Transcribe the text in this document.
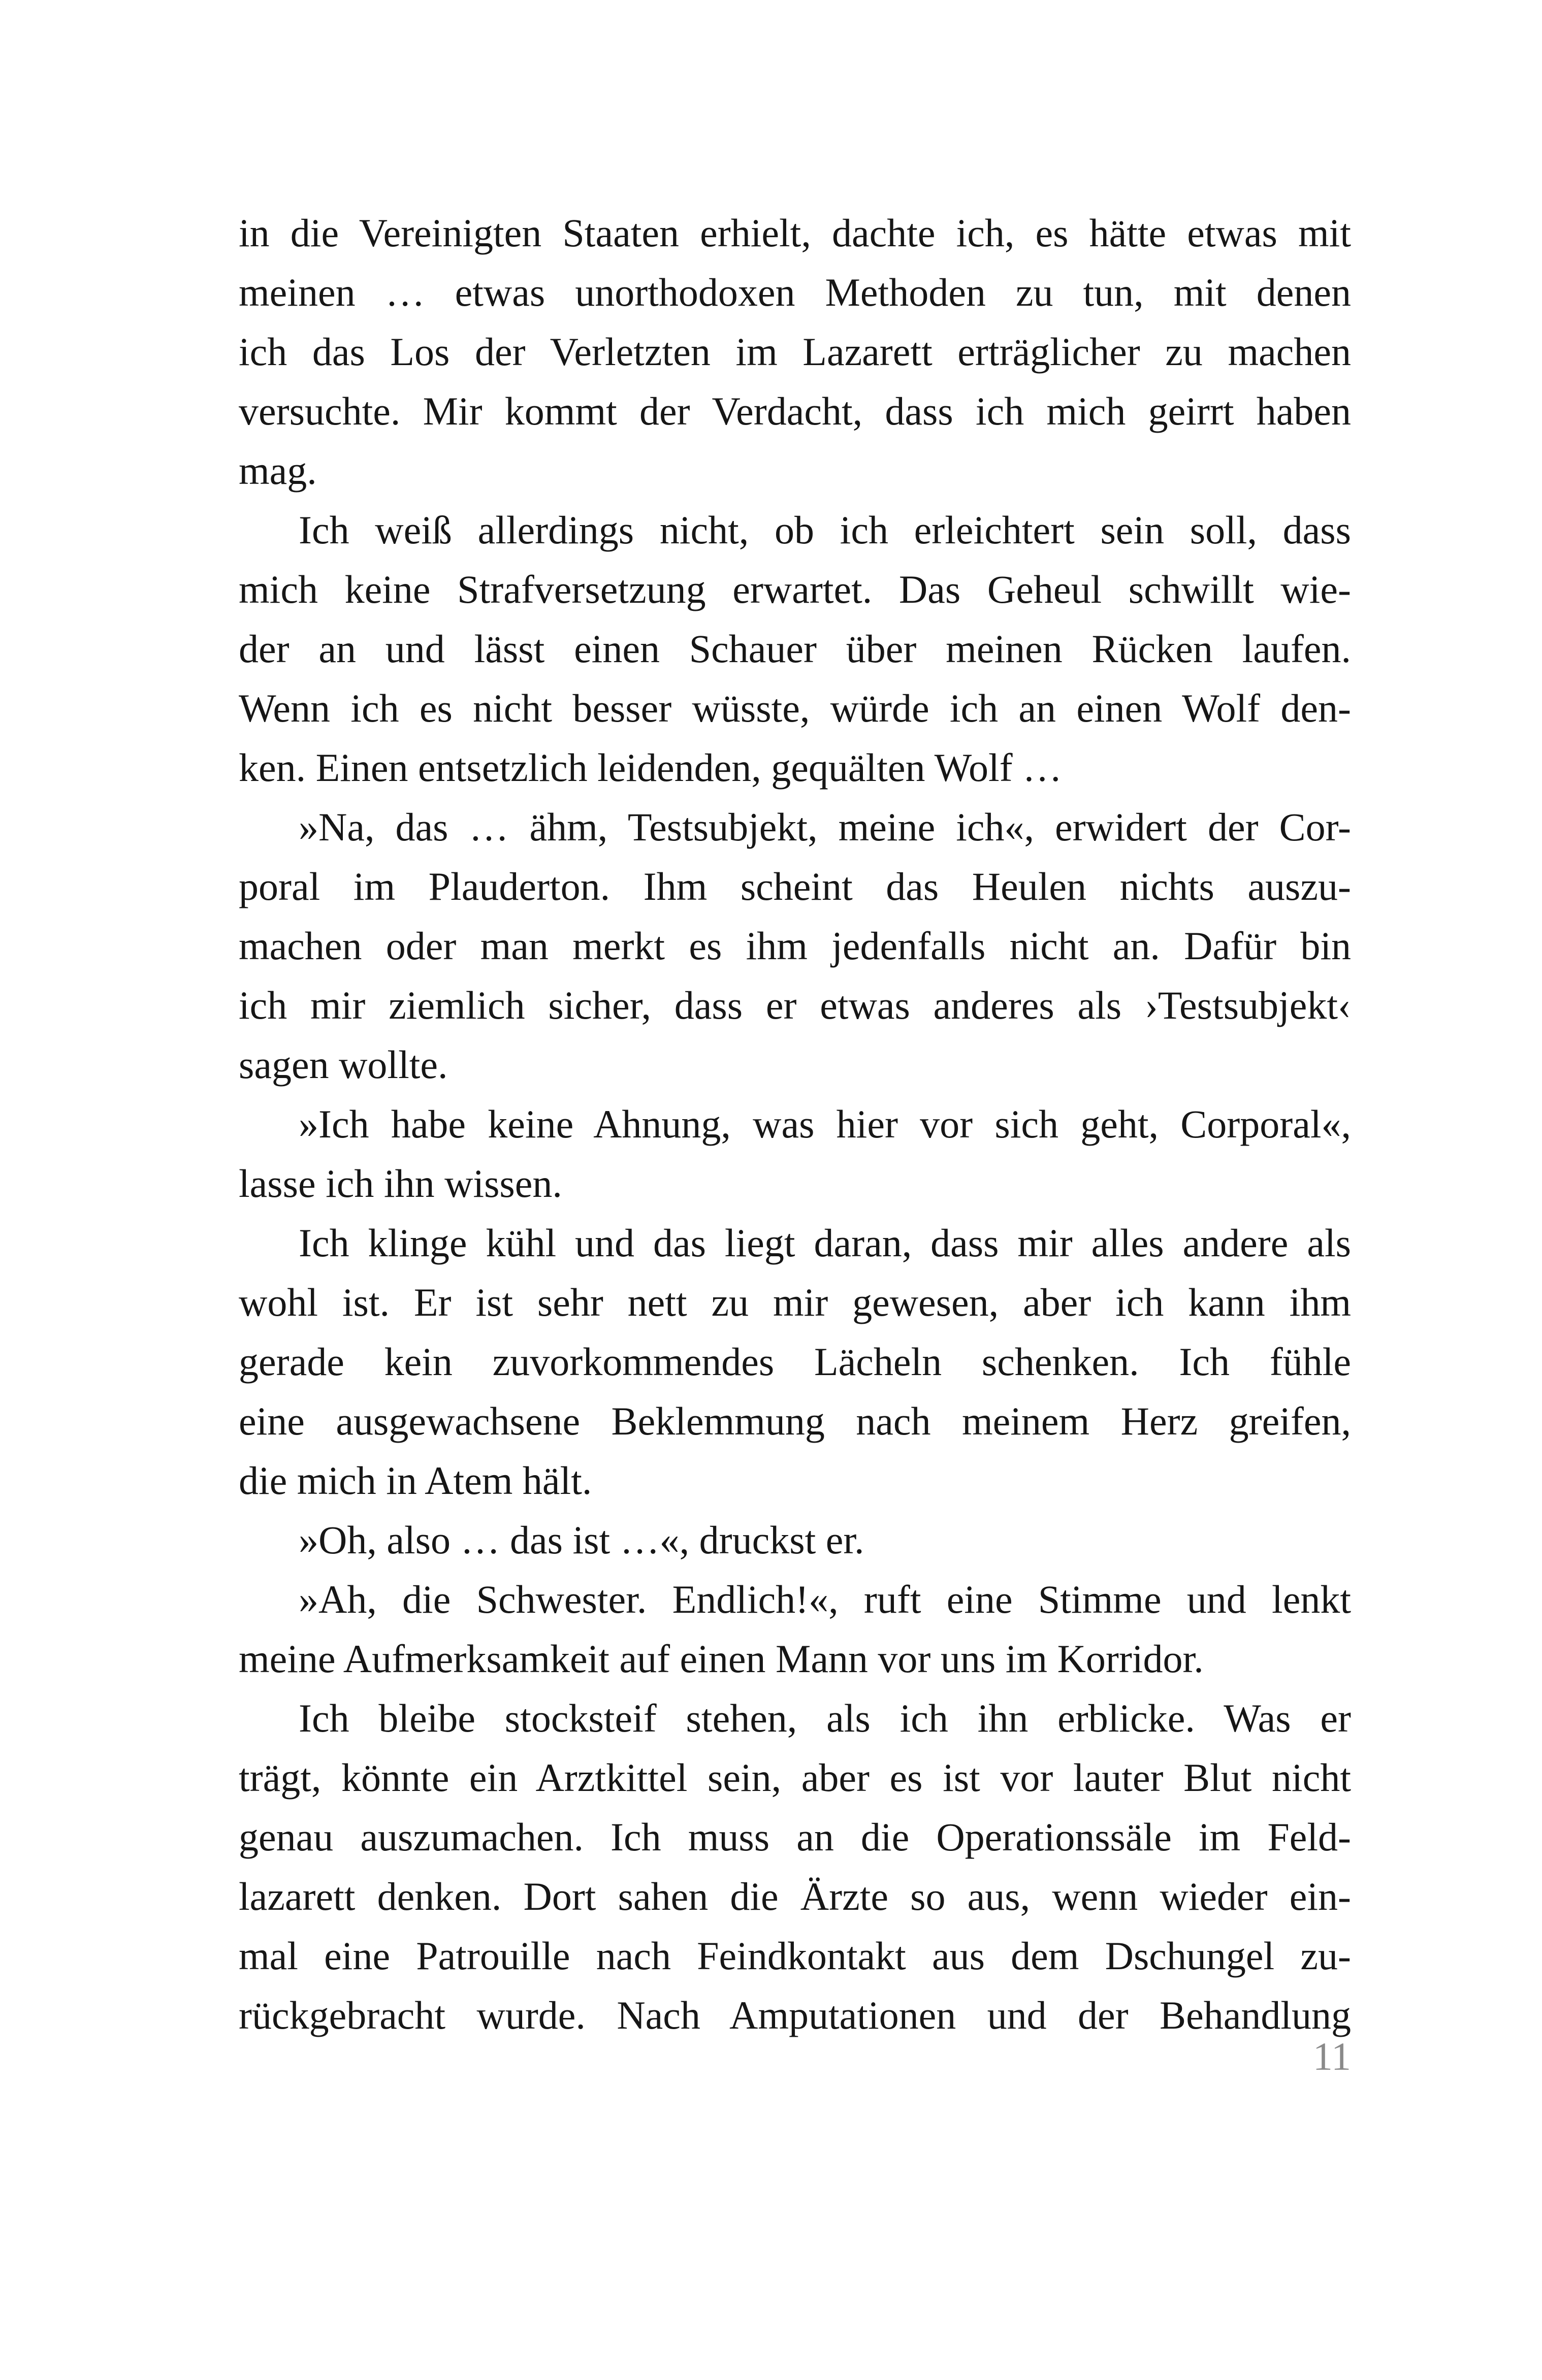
in die Vereinigten Staaten erhielt, dachte ich, es hätte etwas mit
meinen … etwas unorthodoxen Methoden zu tun, mit denen
ich das Los der Verletzten im Lazarett erträglicher zu machen
versuchte. Mir kommt der Verdacht, dass ich mich geirrt haben
mag.
Ich weiß allerdings nicht, ob ich erleichtert sein soll, dass
mich keine Strafversetzung erwartet. Das Geheul schwillt wie-
der an und lässt einen Schauer über meinen Rücken laufen.
Wenn ich es nicht besser wüsste, würde ich an einen Wolf den-
ken. Einen entsetzlich leidenden, gequälten Wolf …
»Na, das … ähm, Testsubjekt, meine ich«, erwidert der Cor-
poral im Plauderton. Ihm scheint das Heulen nichts auszu-
machen oder man merkt es ihm jedenfalls nicht an. Dafür bin
ich mir ziemlich sicher, dass er etwas anderes als ›Testsubjekt‹
sagen wollte.
»Ich habe keine Ahnung, was hier vor sich geht, Corporal«,
lasse ich ihn wissen.
Ich klinge kühl und das liegt daran, dass mir alles andere als
wohl ist. Er ist sehr nett zu mir gewesen, aber ich kann ihm
gerade kein zuvorkommendes Lächeln schenken. Ich fühle
eine ausgewachsene Beklemmung nach meinem Herz greifen,
die mich in Atem hält.
»Oh, also … das ist …«, druckst er.
»Ah, die Schwester. Endlich!«, ruft eine Stimme und lenkt
meine Aufmerksamkeit auf einen Mann vor uns im Korridor.
Ich bleibe stocksteif stehen, als ich ihn erblicke. Was er
trägt, könnte ein Arztkittel sein, aber es ist vor lauter Blut nicht
genau auszumachen. Ich muss an die Operationssäle im Feld-
lazarett denken. Dort sahen die Ärzte so aus, wenn wieder ein-
mal eine Patrouille nach Feindkontakt aus dem Dschungel zu-
rückgebracht wurde. Nach Amputationen und der Behandlung
11
